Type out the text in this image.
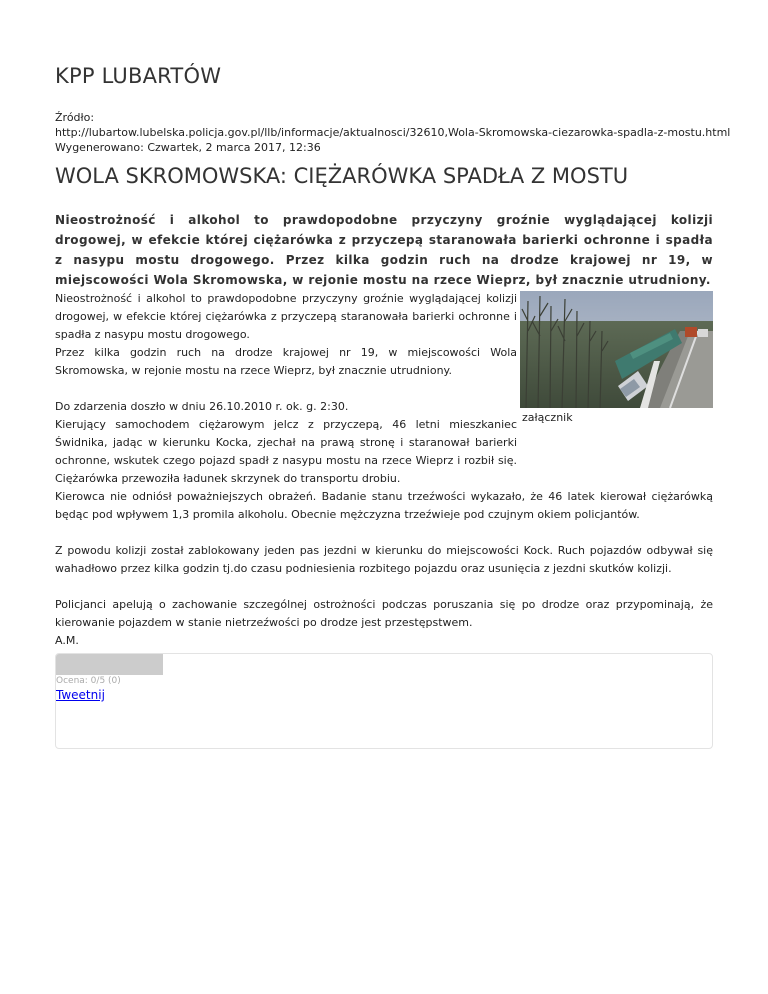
KPP LUBARTÓW
Źródło:
http://lubartow.lubelska.policja.gov.pl/llb/informacje/aktualnosci/32610,Wola-Skromowska-ciezarowka-spadla-z-mostu.html
Wygenerowano: Czwartek, 2 marca 2017, 12:36
WOLA SKROMOWSKA: CIĘŻARÓWKA SPADŁA Z MOSTU
Nieostrożność i alkohol to prawdopodobne przyczyny groźnie wyglądającej kolizji drogowej, w efekcie której ciężarówka z przyczepą staranowała barierki ochronne i spadła z nasypu mostu drogowego. Przez kilka godzin ruch na drodze krajowej nr 19, w miejscowości Wola Skromowska, w rejonie mostu na rzece Wieprz, był znacznie utrudniony.
załącznik

Nieostrożność i alkohol to prawdopodobne przyczyny groźnie wyglądającej kolizji drogowej, w efekcie której ciężarówka z przyczepą staranowała barierki ochronne i spadła z nasypu mostu drogowego.

Przez kilka godzin ruch na drodze krajowej nr 19, w miejscowości Wola Skromowska, w rejonie mostu na rzece Wieprz, był znacznie utrudniony.

Do zdarzenia doszło w dniu 26.10.2010 r. ok. g. 2:30.

Kierujący samochodem ciężarowym jelcz z przyczepą, 46 letni mieszkaniec Świdnika, jadąc w kierunku Kocka, zjechał na prawą stronę i staranował barierki ochronne, wskutek czego pojazd spadł z nasypu mostu na rzece Wieprz i rozbił się. Ciężarówka przewoziła ładunek skrzynek do transportu drobiu.

Kierowca nie odniósł poważniejszych obrażeń. Badanie stanu trzeźwości wykazało, że 46 latek kierował ciężarówką będąc pod wpływem 1,3 promila alkoholu. Obecnie mężczyzna trzeźwieje pod czujnym okiem policjantów.

Z powodu kolizji został zablokowany jeden pas jezdni w kierunku do miejscowości Kock. Ruch pojazdów odbywał się wahadłowo przez kilka godzin tj.do czasu podniesienia rozbitego pojazdu oraz usunięcia z jezdni skutków kolizji.

Policjanci apelują o zachowanie szczególnej ostrożności podczas poruszania się po drodze oraz przypominają, że kierowanie pojazdem w stanie nietrzeźwości po drodze jest przestępstwem.

A.M.

Ocena: 0/5 (0)
Tweetnij
